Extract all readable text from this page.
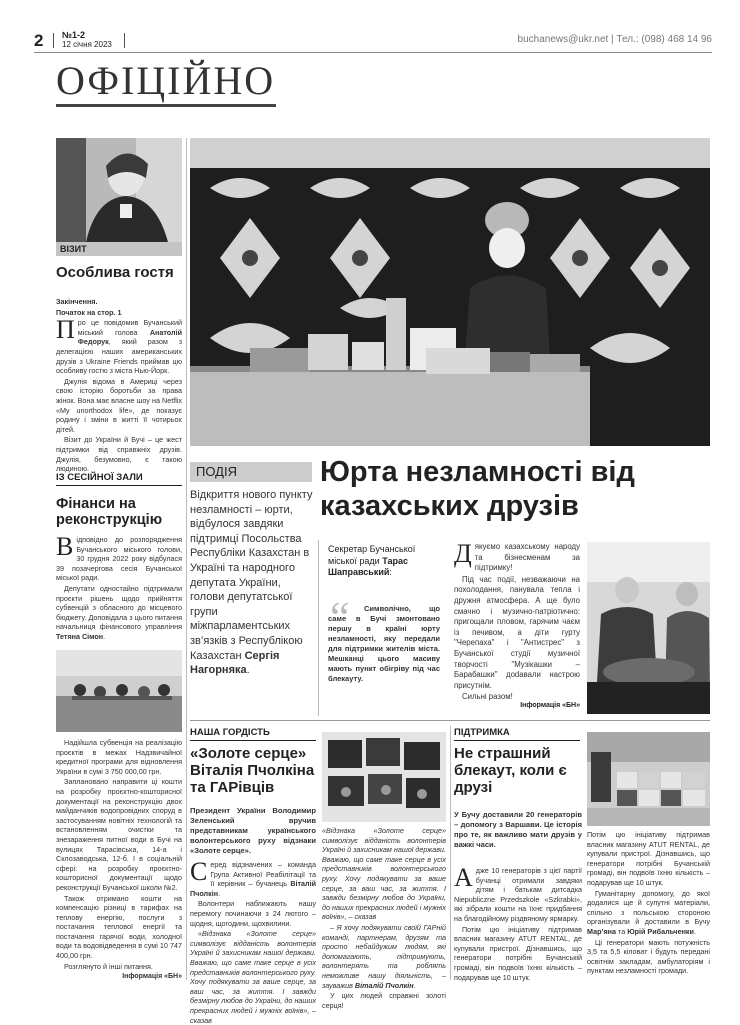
2 №1-2
12 січня 2023	buchanews@ukr.net | Тел.: (098) 468 14 96
ОФІЦІЙНО
ВІЗИТ
Особлива гостя

Закінчення.

Початок на стор. 1

Про це повідомив Бучанський міський голова Анатолій Федорук, який разом з делегацією наших американських друзів з Ukraine Friends приймав цю особливу гостю з міста Нью-Йорк.

Джулія відома в Америці через свою історію боротьби за права жінок. Вона має власне шоу на Netflix «My unorthodox life», де показує родину і зміни в житті її чотирьох дітей.

Візит до України й Бучі – це жест підтримки від справжніх друзів. Джулія, безумовно, є такою людиною.

ІЗ СЕСІЙНОЇ ЗАЛИ
Фінанси на реконструкцію

Відповідно до розпорядження Бучанського міського голови, 30 грудня 2022 року відбулася 39 позачергова сесія Бучанської міської ради.

Депутати одностайно підтримали проєкти рішень щодо прийняття субвенцій з обласного до місцевого бюджету. Доповідала з цього питання начальниця фінансового управління Тетяна Сімон.

Надійшла субвенція на реалізацію проєктів в межах Надзвичайної кредитної програми для відновлення України в сумі 3 750 000,00 грн.

Заплановано направити ці кошти на розробку проєктно-кошторисної документації на реконструкцію двох майданчиків водопровідних споруд в застосуванням новітніх технологій та встановленням очистки та знезараження питної води в Бучі на вулицях Тарасівська, 14-а і Склозаводська, 12-б. І в соціальній сфері: на розробку проєктно-кошторисної документації щодо реконструкції Бучанської школи №2.

Також отримано кошти на компенсацію різниці в тарифах на теплову енергію, послуги з постачання теплової енергії та постачання гарячої води, холодної води та водовідведення в сумі 10 747 400,00 грн.

Розглянуто й інші питання.

Інформація «БН»

ПОДІЯ	Юрта незламності від казахських друзів
Відкриття нового пункту незламності – юрти, відбулося завдяки підтримці Посольства Республіки Казахстан в Україні та народного депутата України, голови депутатської групи міжпарламентських зв’язків з Республікою Казахстан Сергія Нагорняка.
Секретар Бучанської міської ради Тарас Шаправський:
“	Символічно, що саме в Бучі змонтовано першу в країні юрту незламності, яку передали для підтримки жителів міста. Мешканці цього масиву мають пункт обігріву під час блекауту.

Дякуємо казахському народу та бізнесменам за підтримку!

Під час події, незважаючи на похолодання, панувала тепла і дружня атмосфера. А ще було смачно і музично-патріотично: пригощали пловом, гарячим чаєм із печивом, а діти гурту "Черепаха" і "Антистрес" з Бучанської студії музичної творчості "Музікашки – Барабашки" дodавали настрою присутнім.

Сильні разом!

Інформація «БН»
НАША ГОРДІСТЬ
«Золоте серце» Віталія Пчолкіна та ГАРівців
Президент України Володимир Зеленський вручив представникам українського волонтерського руху відзнаки «Золоте серце».

Серед відзначених – команда Група Активної Реабілітації та її керівник – бучанець Віталій Пчолкін.

Волонтери наближають нашу перемогу починаючи з 24 лютого – щодня, щогодини, щохвилини.

«Відзнака «Золоте серце» символізує відданість волонтерів Україні й захисникам нашої держави. Вважаю, що саме таке серце в усіх представників волонтерського руху. Хочу подякувати за вашe серце, за ваш час, за життя. І завжди безмірну любов до України, до наших прекрасних людей і мужніх воїнів», – сказав

«Відзнака «Золоте серце» символізує відданість волонтерів Україні й захисникам нашої держави. Вважаю, що саме таке серце в усіх представників волонтерського руху. Хочу подякувати за вашe серце, за ваш час, за життя. І завжди безмірну любов до України, до наших прекрасних людей і мужніх воїнів», – сказав

– Я хочу подякувати своїй ГАРній команді, партнерам, друзям та просто небайдужим людям, які допомагають, підтримують, волонтерять та роблять неможливе нашу діяльність, – зауважив Віталій Пчолкін.

У цих людей справжні золоті серця!

ПІДТРИМКА
Не страшний блекаут, коли є друзі
У Бучу доставили 20 генераторів – допомогу з Варшави. Це історія про те, як важливо мати друзів у важкі часи.

Адже 10 генераторів з цієї партії бучанці отримали завдяки дітям і батькам дитсадка Niepubliczne Przedszkole «Szkrabki», які зібрали кошти на їхнє придбання на благодійному різдвяному ярмарку.

Потім цю ініціативу підтримав власник магазину ATUT RENTAL, де купували пристрої. Дізнавшись, що генератори потрібні Бучанській громаді, він подвоїв їхню кількість – подарував ще 10 штук.

Потім цю ініціативу підтримав власник магазину ATUT RENTAL, де купували пристрої. Дізнавшись, що генератори потрібні Бучанській громаді, він подвоїв їхню кількість – подарував ще 10 штук.

Гуманітарну допомогу, до якої додалися ще й супутні матеріали, спільно з польською стороною організували й доставили в Бучу Мар’яна та Юрій Рибальченки.

Ці генератори мають потужність 3,5 та 5,5 кіловат і будуть передані освітнім закладам, амбулаторіям і пунктам незламності громади.
